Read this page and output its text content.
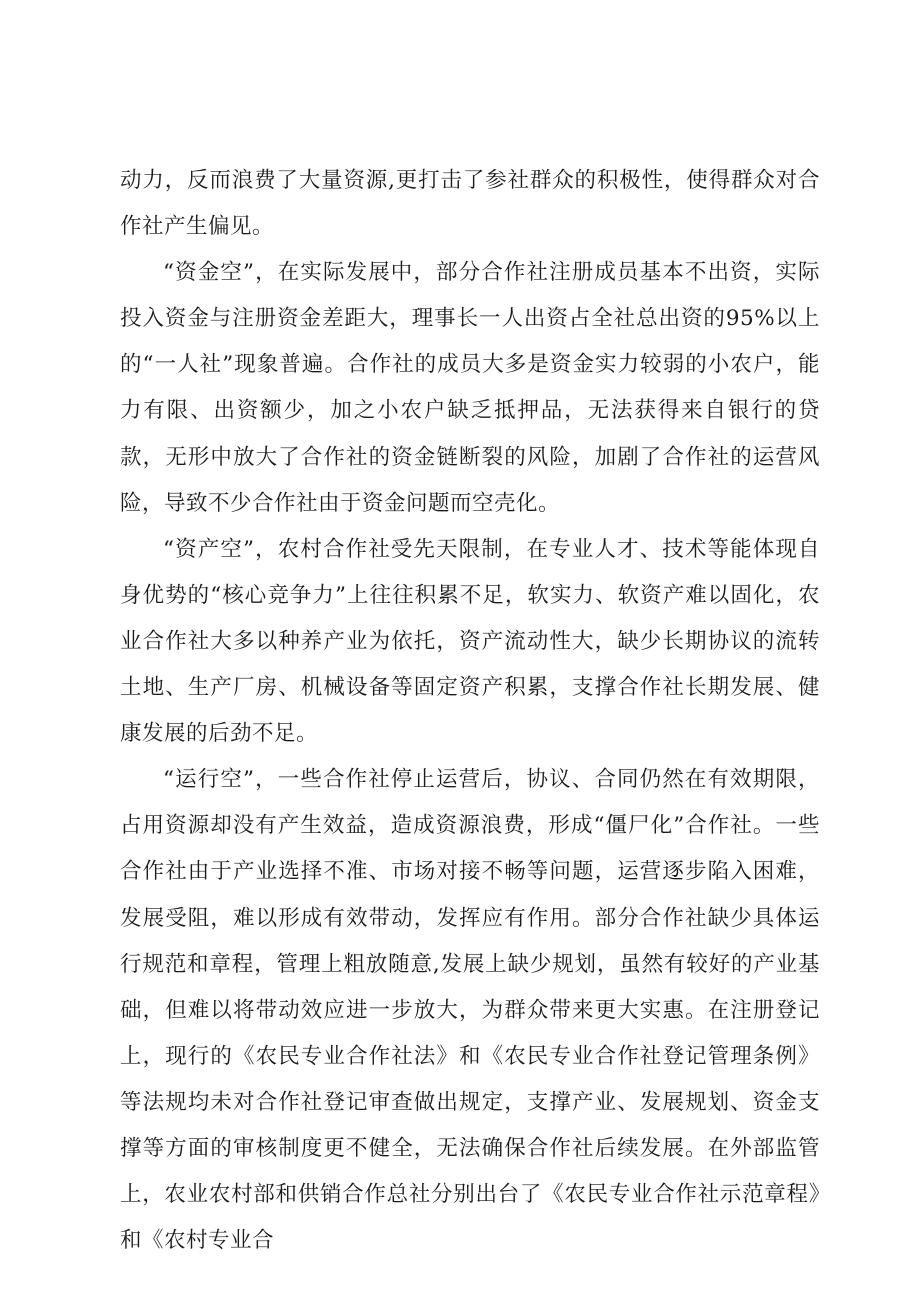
动力，反而浪费了大量资源,更打击了参社群众的积极性，使得群众对合作社产生偏见。

“资金空”，在实际发展中，部分合作社注册成员基本不出资，实际投入资金与注册资金差距大，理事长一人出资占全社总出资的95%以上的“一人社”现象普遍。合作社的成员大多是资金实力较弱的小农户，能力有限、出资额少，加之小农户缺乏抵押品，无法获得来自银行的贷款，无形中放大了合作社的资金链断裂的风险，加剧了合作社的运营风险，导致不少合作社由于资金问题而空壳化。

“资产空”，农村合作社受先天限制，在专业人才、技术等能体现自身优势的“核心竞争力”上往往积累不足，软实力、软资产难以固化，农业合作社大多以种养产业为依托，资产流动性大，缺少长期协议的流转土地、生产厂房、机械设备等固定资产积累，支撑合作社长期发展、健康发展的后劲不足。

“运行空”，一些合作社停止运营后，协议、合同仍然在有效期限，占用资源却没有产生效益，造成资源浪费，形成“僵尸化”合作社。一些合作社由于产业选择不准、市场对接不畅等问题，运营逐步陷入困难，发展受阻，难以形成有效带动，发挥应有作用。部分合作社缺少具体运行规范和章程，管理上粗放随意,发展上缺少规划，虽然有较好的产业基础，但难以将带动效应进一步放大，为群众带来更大实惠。在注册登记上，现行的《农民专业合作社法》和《农民专业合作社登记管理条例》等法规均未对合作社登记审查做出规定，支撑产业、发展规划、资金支撑等方面的审核制度更不健全，无法确保合作社后续发展。在外部监管上，农业农村部和供销合作总社分别出台了《农民专业合作社示范章程》和《农村专业合
